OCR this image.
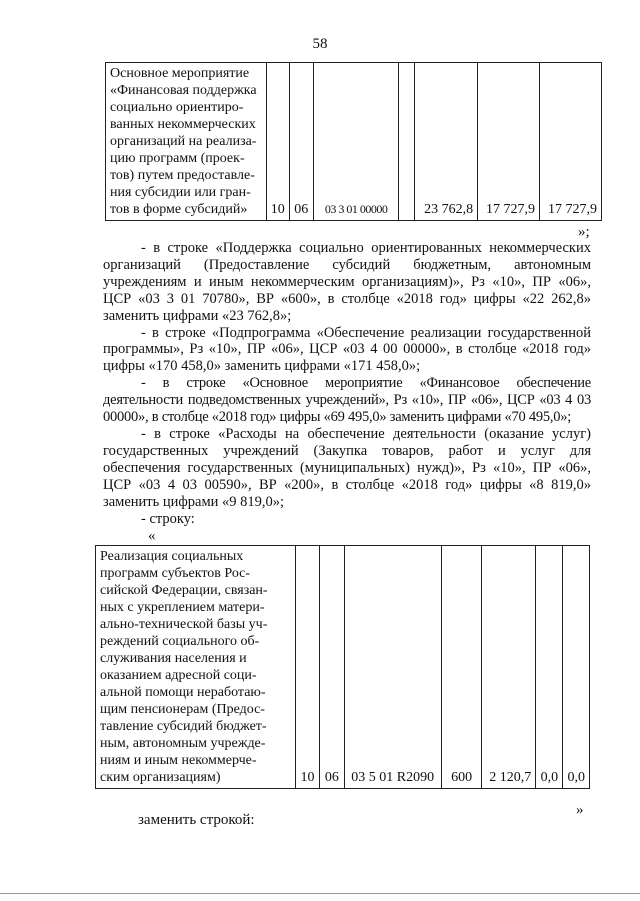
58
Основное мероприятие
«Финансовая поддержка
социально ориентиро-
ванных некоммерческих
организаций на реализа-
цию программ (проек-
тов) путем предоставле-
ния субсидии или гран-
тов в форме субсидий»	10	06	03 3 01 00000		23 762,8	17 727,9	17 727,9
»;

- в строке «Поддержка социально ориентированных некоммерческих организаций (Предоставление субсидий бюджетным, автономным учреждениям и иным некоммерческим организациям)», Рз «10», ПР «06», ЦСР «03 3 01 70780», ВР «600», в столбце «2018 год» цифры «22 262,8» заменить цифрами «23 762,8»;

- в строке «Подпрограмма «Обеспечение реализации государственной программы», Рз «10», ПР «06», ЦСР «03 4 00 00000», в столбце «2018 год» цифры «170 458,0» заменить цифрами «171 458,0»;

- в строке «Основное мероприятие «Финансовое обеспечение деятельности подведомственных учреждений», Рз «10», ПР «06», ЦСР «03 4 03 00000», в столбце «2018 год» цифры «69 495,0» заменить цифрами «70 495,0»;

- в строке «Расходы на обеспечение деятельности (оказание услуг) государственных учреждений (Закупка товаров, работ и услуг для обеспечения государственных (муниципальных) нужд)», Рз «10», ПР «06», ЦСР «03 4 03 00590», ВР «200», в столбце «2018 год» цифры «8 819,0» заменить цифрами «9 819,0»;

- строку:

«
Реализация социальных
программ субъектов Рос-
сийской Федерации, связан-
ных с укреплением матери-
ально-технической базы уч-
реждений социального об-
служивания населения и
оказанием адресной соци-
альной помощи неработаю-
щим пенсионерам (Предос-
тавление субсидий бюджет-
ным, автономным учрежде-
ниям и иным некоммерче-
ским организациям)	10	06	03 5 01 R2090	600	2 120,7	0,0	0,0
»
заменить строкой:
